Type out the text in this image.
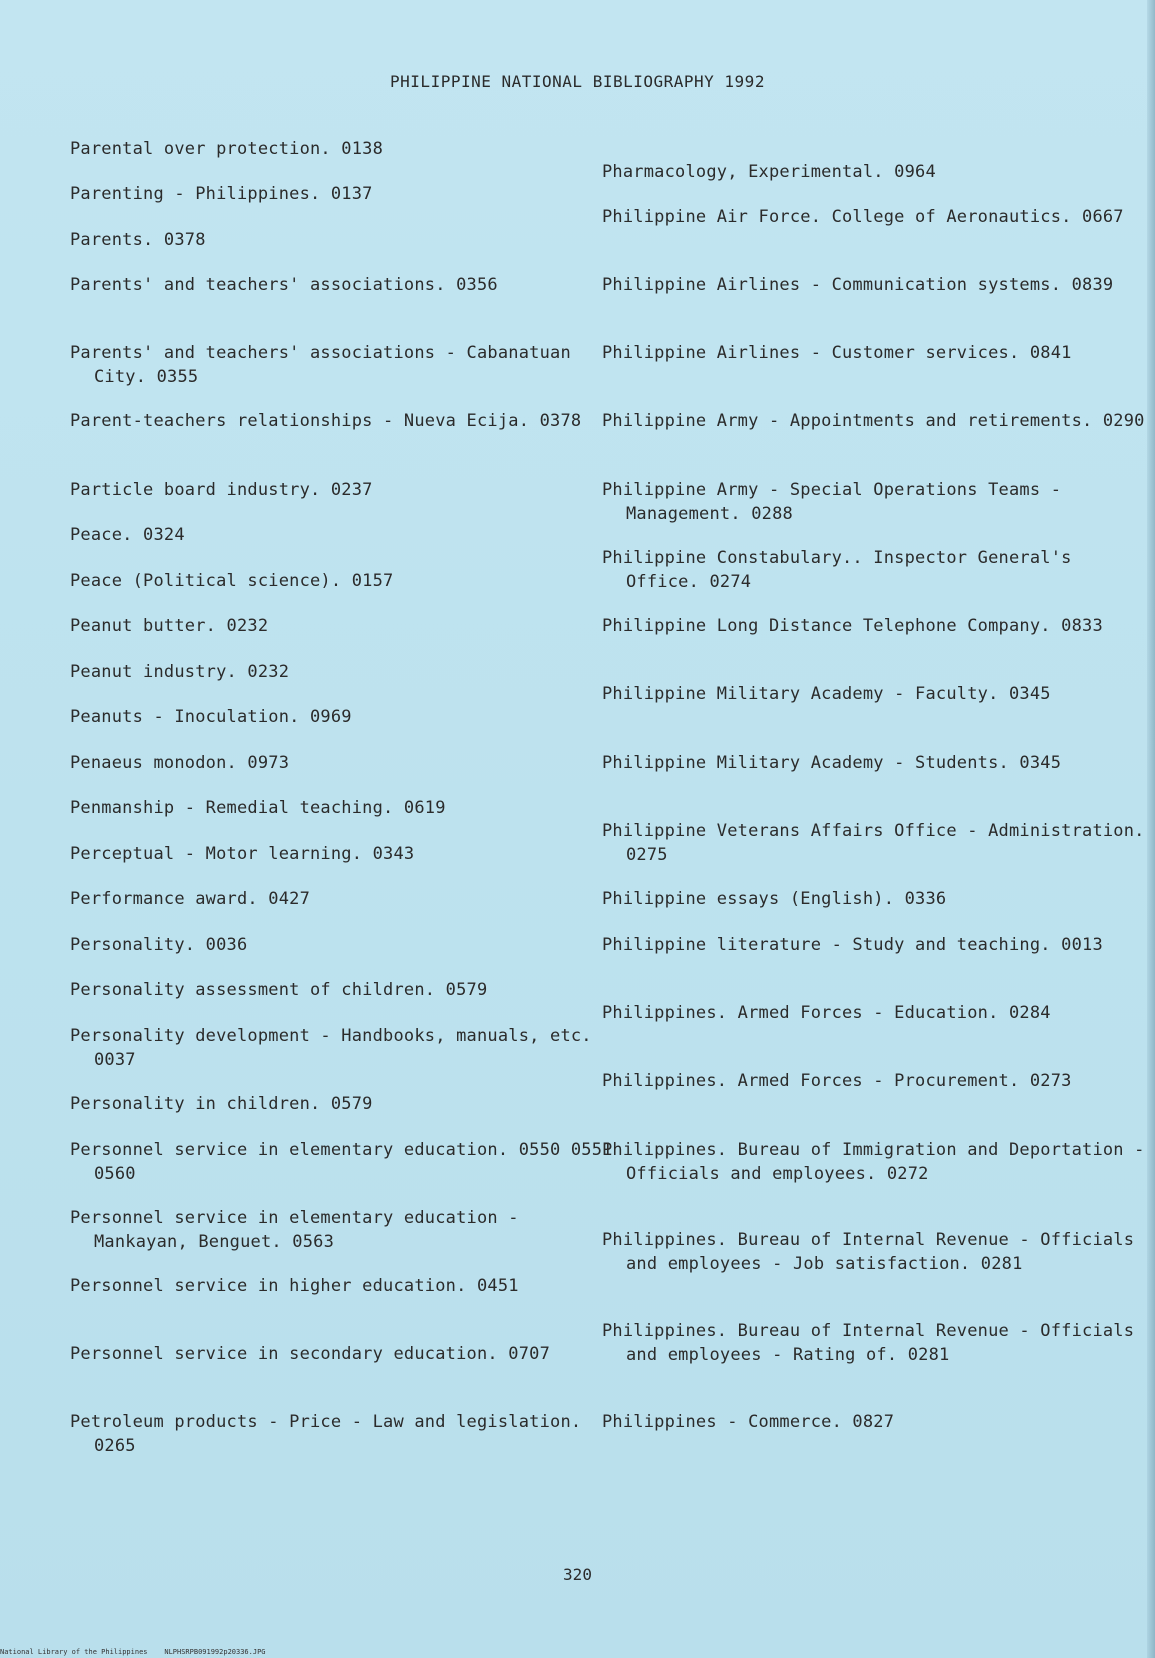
PHILIPPINE NATIONAL BIBLIOGRAPHY 1992
Parental over protection. 0138
Parenting - Philippines. 0137
Parents. 0378
Parents' and teachers' associations. 0356
Parents' and teachers' associations - Cabanatuan City. 0355
Parent-teachers relationships - Nueva Ecija. 0378
Particle board industry. 0237
Peace. 0324
Peace (Political science). 0157
Peanut butter. 0232
Peanut industry. 0232
Peanuts - Inoculation. 0969
Penaeus monodon. 0973
Penmanship - Remedial teaching. 0619
Perceptual - Motor learning. 0343
Performance award. 0427
Personality. 0036
Personality assessment of children. 0579
Personality development - Handbooks, manuals, etc. 0037
Personality in children. 0579
Personnel service in elementary education. 0550 0551 0560
Personnel service in elementary education - Mankayan, Benguet. 0563
Personnel service in higher education. 0451
Personnel service in secondary education. 0707
Petroleum products - Price - Law and legislation. 0265
Pharmacology, Experimental. 0964
Philippine Air Force. College of Aeronautics. 0667
Philippine Airlines - Communication systems. 0839
Philippine Airlines - Customer services. 0841
Philippine Army - Appointments and retirements. 0290
Philippine Army - Special Operations Teams - Management. 0288
Philippine Constabulary.. Inspector General's Office. 0274
Philippine Long Distance Telephone Company. 0833
Philippine Military Academy - Faculty. 0345
Philippine Military Academy - Students. 0345
Philippine Veterans Affairs Office - Administration. 0275
Philippine essays (English). 0336
Philippine literature - Study and teaching. 0013
Philippines. Armed Forces - Education. 0284
Philippines. Armed Forces - Procurement. 0273
Philippines. Bureau of Immigration and Deportation - Officials and employees. 0272
Philippines. Bureau of Internal Revenue - Officials and employees - Job satisfaction. 0281
Philippines. Bureau of Internal Revenue - Officials and employees - Rating of. 0281
Philippines - Commerce. 0827
320
National Library of the Philippines    NLPHSRPB091992p20336.JPG
